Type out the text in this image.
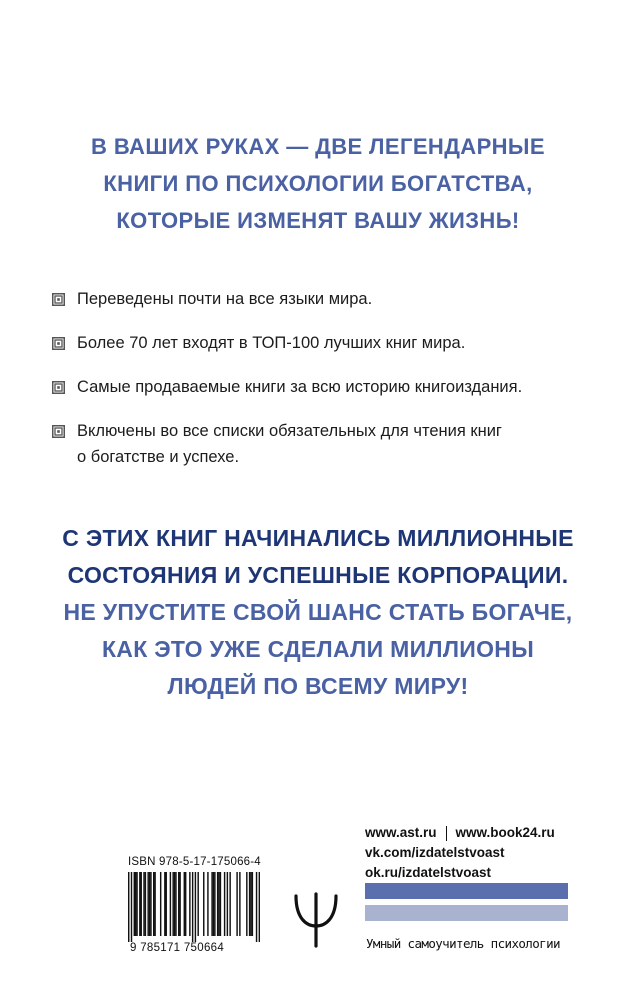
В ВАШИХ РУКАХ — ДВЕ ЛЕГЕНДАРНЫЕ
КНИГИ ПО ПСИХОЛОГИИ БОГАТСТВА,
КОТОРЫЕ ИЗМЕНЯТ ВАШУ ЖИЗНЬ!
Переведены почти на все языки мира.
Более 70 лет входят в ТОП-100 лучших книг мира.
Самые продаваемые книги за всю историю книгоиздания.
Включены во все списки обязательных для чтения книг
о богатстве и успехе.

С ЭТИХ КНИГ НАЧИНАЛИСЬ МИЛЛИОННЫЕ
СОСТОЯНИЯ И УСПЕШНЫЕ КОРПОРАЦИИ.
НЕ УПУСТИТЕ СВОЙ ШАНС СТАТЬ БОГАЧЕ,
КАК ЭТО УЖЕ СДЕЛАЛИ МИЛЛИОНЫ
ЛЮДЕЙ ПО ВСЕМУ МИРУ!

ISBN 978-5-17-175066-4
9 785171 750664
www.ast.ru www.book24.ru
vk.com/izdatelstvoast
ok.ru/izdatelstvoast
Умный самоучитель психологии
